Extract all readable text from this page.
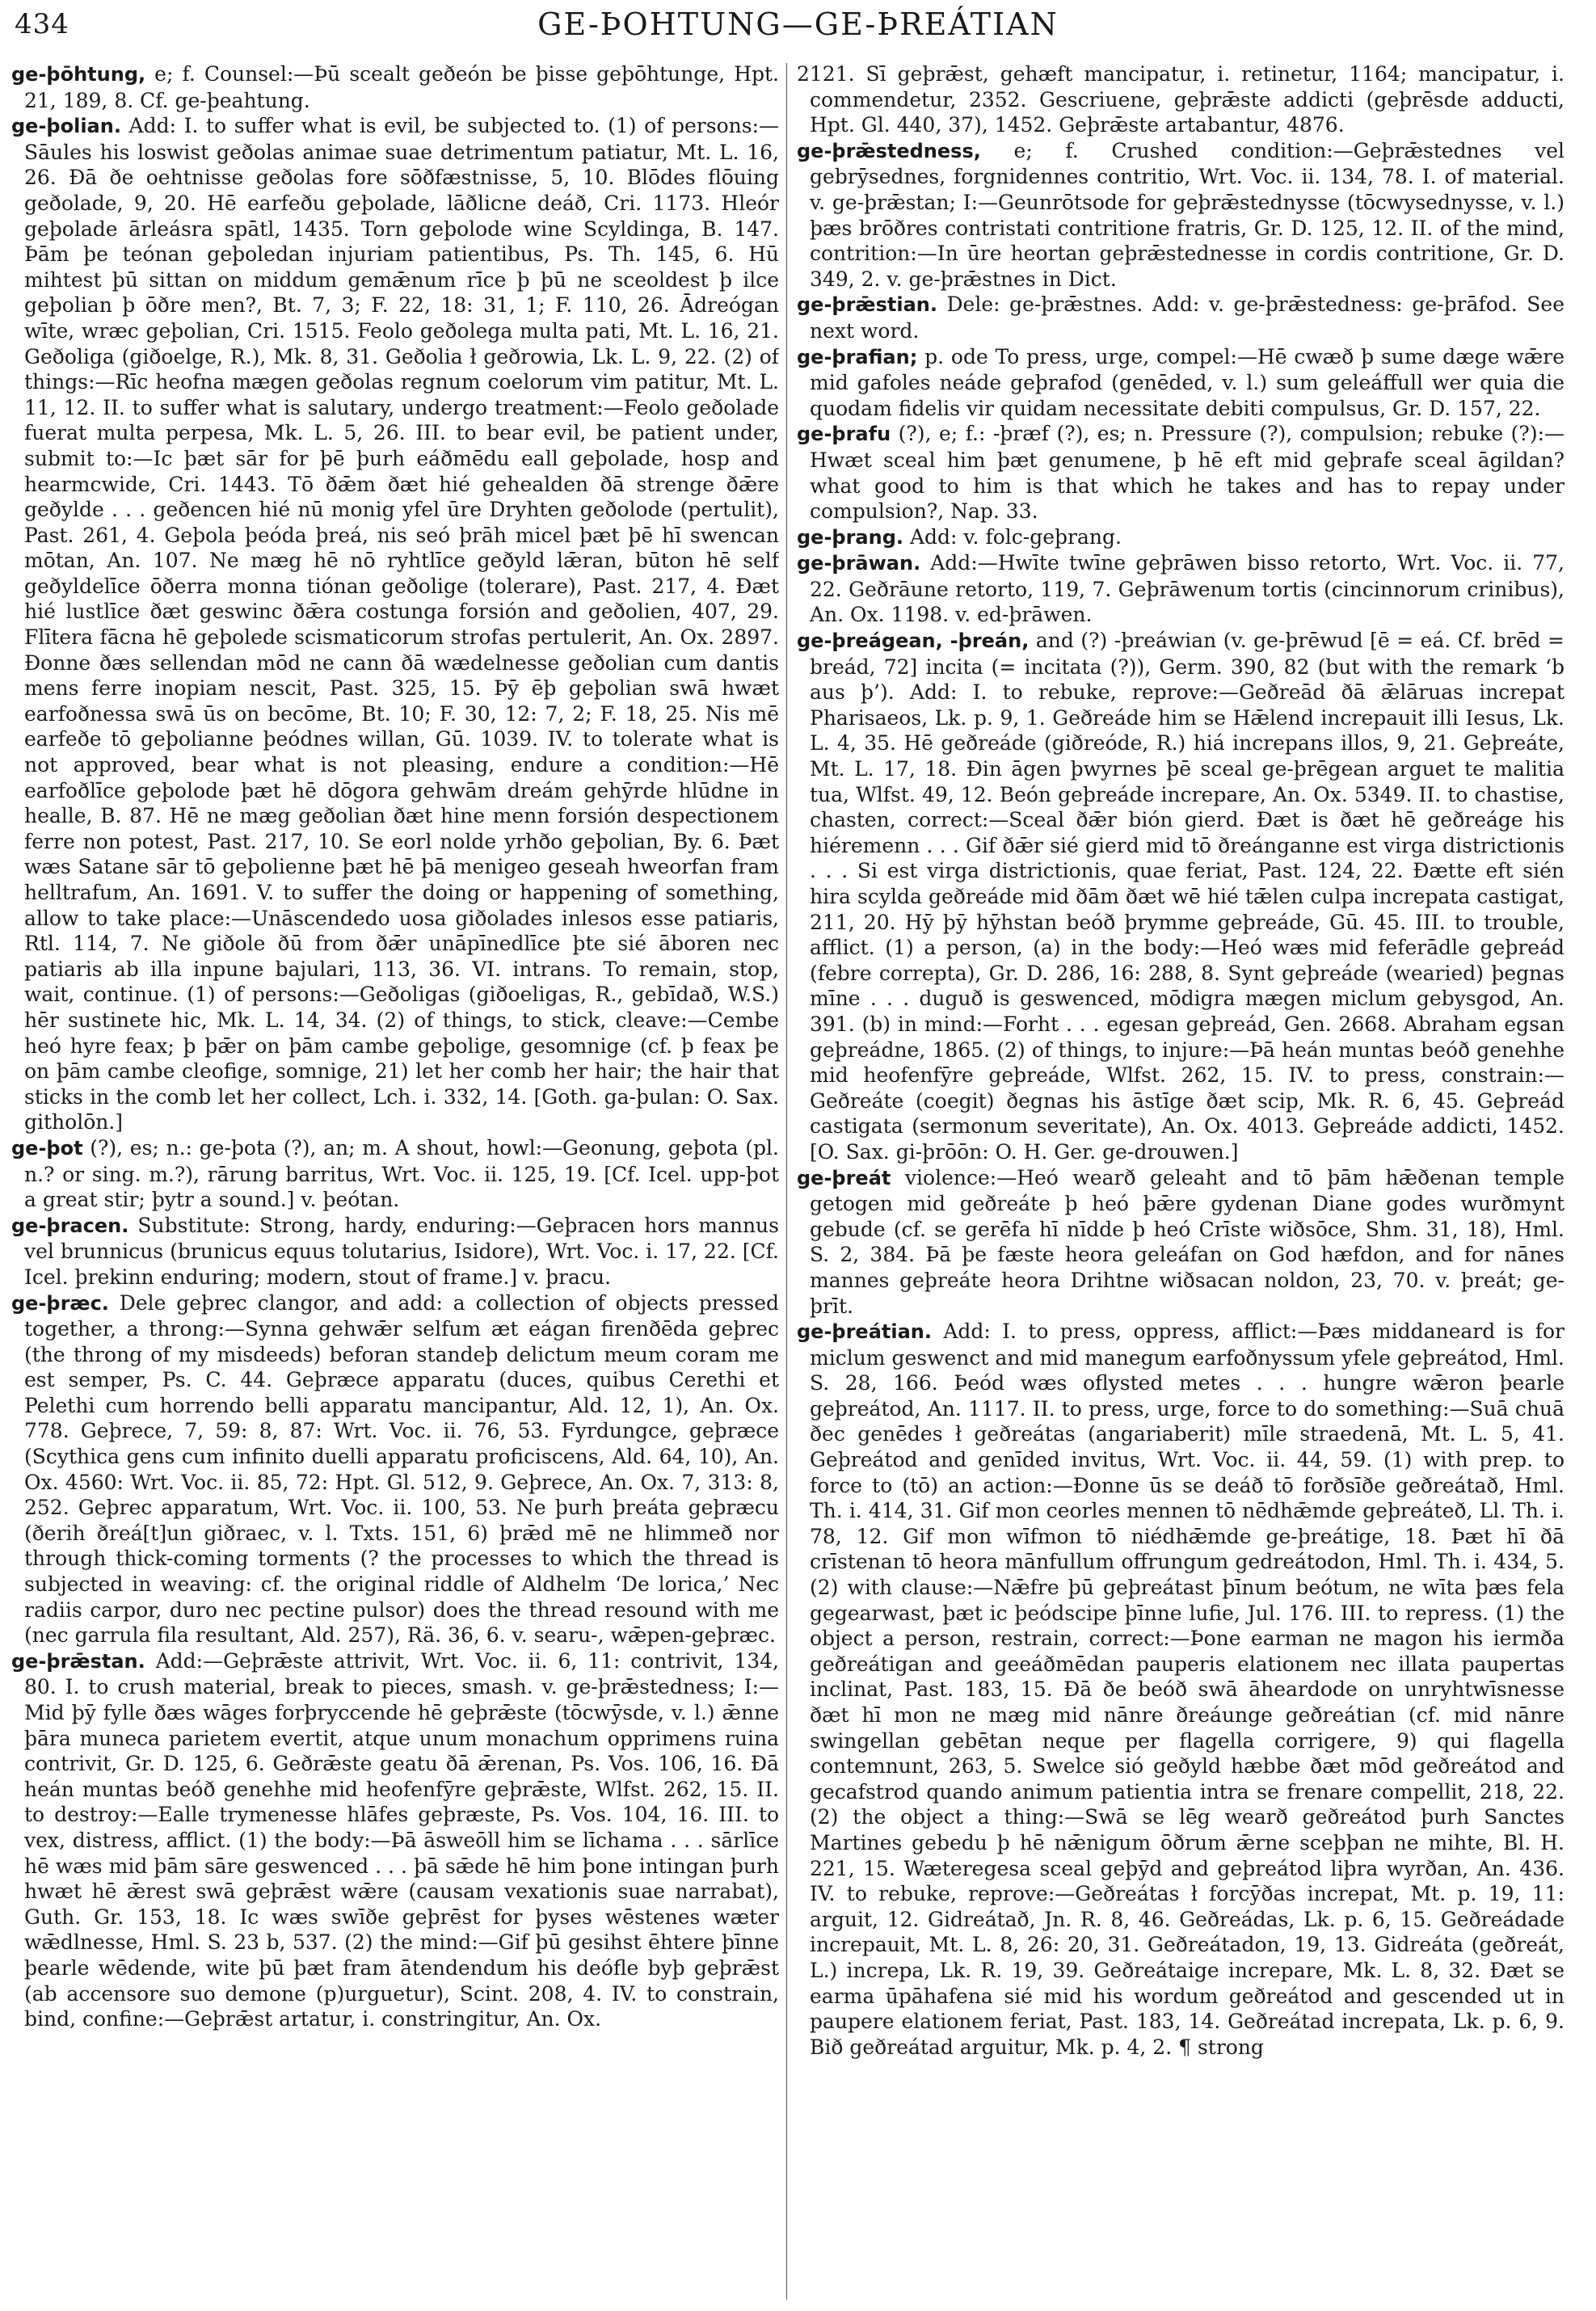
434	GE-ÞOHTUNG—GE-ÞREÁTIAN

ge-þōhtung, e; f. Counsel:—Þū scealt geðeón be þisse geþōhtunge, Hpt. 21, 189, 8. Cf. ge-þeahtung.

ge-þolian. Add: I. to suffer what is evil, be subjected to. (1) of persons:—Sāules his loswist geðolas animae suae detrimentum patiatur, Mt. L. 16, 26. Ðā ðe oehtnisse geðolas fore sōðfæstnisse, 5, 10. Blōdes flōuing geðolade, 9, 20. Hē earfeðu geþolade, lāðlicne deáð, Cri. 1173. Hleór geþolade ārleásra spātl, 1435. Torn geþolode wine Scyldinga, B. 147. Þām þe teónan geþoledan injuriam patientibus, Ps. Th. 145, 6. Hū mihtest þū sittan on middum gemǣnum rīce þ þū ne sceoldest þ ilce geþolian þ ōðre men?, Bt. 7, 3; F. 22, 18: 31, 1; F. 110, 26. Ādreógan wīte, wræc geþolian, Cri. 1515. Feolo geðolega multa pati, Mt. L. 16, 21. Geðoliga (giðoelge, R.), Mk. 8, 31. Geðolia ł geðrowia, Lk. L. 9, 22. (2) of things:—Rīc heofna mægen geðolas regnum coelorum vim patitur, Mt. L. 11, 12. II. to suffer what is salutary, undergo treatment:—Feolo geðolade fuerat multa perpesa, Mk. L. 5, 26. III. to bear evil, be patient under, submit to:—Ic þæt sār for þē þurh eáðmēdu eall geþolade, hosp and hearmcwide, Cri. 1443. Tō ðǣm ðæt hié gehealden ðā strenge ðǣre geðylde . . . geðencen hié nū monig yfel ūre Dryhten geðolode (pertulit), Past. 261, 4. Geþola þeóda þreá, nis seó þrāh micel þæt þē hī swencan mōtan, An. 107. Ne mæg hē nō ryhtlīce geðyld lǣran, būton hē self geðyldelīce ōðerra monna tiónan geðolige (tolerare), Past. 217, 4. Ðæt hié lustlīce ðæt geswinc ðǣra costunga forsión and geðolien, 407, 29. Flītera fācna hē geþolede scismaticorum strofas pertulerit, An. Ox. 2897. Ðonne ðæs sellendan mōd ne cann ðā wædelnesse geðolian cum dantis mens ferre inopiam nescit, Past. 325, 15. Þȳ ēþ geþolian swā hwæt earfoðnessa swā ūs on becōme, Bt. 10; F. 30, 12: 7, 2; F. 18, 25. Nis mē earfeðe tō geþolianne þeódnes willan, Gū. 1039. IV. to tolerate what is not approved, bear what is not pleasing, endure a condition:—Hē earfoðlīce geþolode þæt hē dōgora gehwām dreám gehȳrde hlūdne in healle, B. 87. Hē ne mæg geðolian ðæt hine menn forsión despectionem ferre non potest, Past. 217, 10. Se eorl nolde yrhðo geþolian, By. 6. Þæt wæs Satane sār tō geþolienne þæt hē þā menigeo geseah hweorfan fram helltrafum, An. 1691. V. to suffer the doing or happening of something, allow to take place:—Unāscendedo uosa giðolades inlesos esse patiaris, Rtl. 114, 7. Ne giðole ðū from ðǣr unāpīnedlīce þte sié āboren nec patiaris ab illa inpune bajulari, 113, 36. VI. intrans. To remain, stop, wait, continue. (1) of persons:—Geðoligas (giðoeligas, R., gebīdað, W.S.) hēr sustinete hic, Mk. L. 14, 34. (2) of things, to stick, cleave:—Cembe heó hyre feax; þ þǣr on þām cambe geþolige, gesomnige (cf. þ feax þe on þām cambe cleofige, somnige, 21) let her comb her hair; the hair that sticks in the comb let her collect, Lch. i. 332, 14. [Goth. ga-þulan: O. Sax. githolōn.]

ge-þot (?), es; n.: ge-þota (?), an; m. A shout, howl:—Geonung, geþota (pl. n.? or sing. m.?), rārung barritus, Wrt. Voc. ii. 125, 19. [Cf. Icel. upp-þot a great stir; þytr a sound.] v. þeótan.

ge-þracen. Substitute: Strong, hardy, enduring:—Geþracen hors mannus vel brunnicus (brunicus equus tolutarius, Isidore), Wrt. Voc. i. 17, 22. [Cf. Icel. þrekinn enduring; modern, stout of frame.] v. þracu.

ge-þræc. Dele geþrec clangor, and add: a collection of objects pressed together, a throng:—Synna gehwǣr selfum æt eágan firenðēda geþrec (the throng of my misdeeds) beforan standeþ delictum meum coram me est semper, Ps. C. 44. Geþræce apparatu (duces, quibus Cerethi et Pelethi cum horrendo belli apparatu mancipantur, Ald. 12, 1), An. Ox. 778. Geþrece, 7, 59: 8, 87: Wrt. Voc. ii. 76, 53. Fyrdungce, geþræce (Scythica gens cum infinito duelli apparatu proficiscens, Ald. 64, 10), An. Ox. 4560: Wrt. Voc. ii. 85, 72: Hpt. Gl. 512, 9. Geþrece, An. Ox. 7, 313: 8, 252. Geþrec apparatum, Wrt. Voc. ii. 100, 53. Ne þurh þreáta geþræcu (ðerih ðreá[t]un giðraec, v. l. Txts. 151, 6) þrǣd mē ne hlimmeð nor through thick-coming torments (? the processes to which the thread is subjected in weaving: cf. the original riddle of Aldhelm ‘De lorica,’ Nec radiis carpor, duro nec pectine pulsor) does the thread resound with me (nec garrula fila resultant, Ald. 257), Rä. 36, 6. v. searu-, wǣpen-geþræc.

ge-þrǣstan. Add:—Geþrǣste attrivit, Wrt. Voc. ii. 6, 11: contrivit, 134, 80. I. to crush material, break to pieces, smash. v. ge-þrǣstedness; I:—Mid þȳ fylle ðæs wāges forþryccende hē geþrǣste (tōcwȳsde, v. l.) ǣnne þāra muneca parietem evertit, atque unum monachum opprimens ruina contrivit, Gr. D. 125, 6. Geðrǣste geatu ðā ǣrenan, Ps. Vos. 106, 16. Ðā heán muntas beóð genehhe mid heofenfȳre geþrǣste, Wlfst. 262, 15. II. to destroy:—Ealle trymenesse hlāfes geþræste, Ps. Vos. 104, 16. III. to vex, distress, afflict. (1) the body:—Þā āsweōll him se līchama . . . sārlīce hē wæs mid þām sāre geswenced . . . þā sǣde hē him þone intingan þurh hwæt hē ǣrest swā geþrǣst wǣre (causam vexationis suae narrabat), Guth. Gr. 153, 18. Ic wæs swīðe geþrēst for þyses wēstenes wæter wǣdlnesse, Hml. S. 23 b, 537. (2) the mind:—Gif þū gesihst ēhtere þīnne þearle wēdende, wite þū þæt fram ātendendum his deófle byþ geþrǣst (ab accensore suo demone (p)urguetur), Scint. 208, 4. IV. to constrain, bind, confine:—Geþrǣst artatur, i. constringitur, An. Ox.

2121. Sī geþrǣst, gehæft mancipatur, i. retinetur, 1164; mancipatur, i. commendetur, 2352. Gescriuene, geþrǣste addicti (geþrēsde adducti, Hpt. Gl. 440, 37), 1452. Geþrǣste artabantur, 4876.

ge-þrǣstedness, e; f. Crushed condition:—Geþrǣstednes vel gebrȳsednes, forgnidennes contritio, Wrt. Voc. ii. 134, 78. I. of material. v. ge-þrǣstan; I:—Geunrōtsode for geþrǣstednysse (tōcwysednysse, v. l.) þæs brōðres contristati contritione fratris, Gr. D. 125, 12. II. of the mind, contrition:—In ūre heortan geþrǣstednesse in cordis contritione, Gr. D. 349, 2. v. ge-þrǣstnes in Dict.

ge-þrǣstian. Dele: ge-þrǣstnes. Add: v. ge-þrǣstedness: ge-þrāfod. See next word.

ge-þrafian; p. ode To press, urge, compel:—Hē cwæð þ sume dæge wǣre mid gafoles neáde geþrafod (genēded, v. l.) sum geleáffull wer quia die quodam fidelis vir quidam necessitate debiti compulsus, Gr. D. 157, 22.

ge-þrafu (?), e; f.: -þræf (?), es; n. Pressure (?), compulsion; rebuke (?):—Hwæt sceal him þæt genumene, þ hē eft mid geþrafe sceal āgildan? what good to him is that which he takes and has to repay under compulsion?, Nap. 33.

ge-þrang. Add: v. folc-geþrang.

ge-þrāwan. Add:—Hwīte twīne geþrāwen bisso retorto, Wrt. Voc. ii. 77, 22. Geðrāune retorto, 119, 7. Geþrāwenum tortis (cincinnorum crinibus), An. Ox. 1198. v. ed-þrāwen.

ge-þreágean, -þreán, and (?) -þreáwian (v. ge-þrēwud [ē = eá. Cf. brēd = breád, 72] incita (= incitata (?)), Germ. 390, 82 (but with the remark ‘b aus þ’). Add: I. to rebuke, reprove:—Geðreād ðā ǣlāruas increpat Pharisaeos, Lk. p. 9, 1. Geðreáde him se Hǣlend increpauit illi Iesus, Lk. L. 4, 35. Hē geðreáde (giðreóde, R.) hiá increpans illos, 9, 21. Geþreáte, Mt. L. 17, 18. Ðin āgen þwyrnes þē sceal ge-þrēgean arguet te malitia tua, Wlfst. 49, 12. Beón geþreáde increpare, An. Ox. 5349. II. to chastise, chasten, correct:—Sceal ðǣr bión gierd. Ðæt is ðæt hē geðreáge his hiéremenn . . . Gif ðǣr sié gierd mid tō ðreánganne est virga districtionis . . . Si est virga districtionis, quae feriat, Past. 124, 22. Ðætte eft sién hira scylda geðreáde mid ðām ðæt wē hié tǣlen culpa increpata castigat, 211, 20. Hȳ þȳ hȳhstan beóð þrymme geþreáde, Gū. 45. III. to trouble, afflict. (1) a person, (a) in the body:—Heó wæs mid feferādle geþreád (febre correpta), Gr. D. 286, 16: 288, 8. Synt geþreáde (wearied) þegnas mīne . . . duguð is geswenced, mōdigra mægen miclum gebysgod, An. 391. (b) in mind:—Forht . . . egesan geþreád, Gen. 2668. Abraham egsan geþreádne, 1865. (2) of things, to injure:—Þā heán muntas beóð genehhe mid heofenfȳre geþreáde, Wlfst. 262, 15. IV. to press, constrain:—Geðreáte (coegit) ðegnas his āstīge ðæt scip, Mk. R. 6, 45. Geþreád castigata (sermonum severitate), An. Ox. 4013. Geþreáde addicti, 1452. [O. Sax. gi-þrōōn: O. H. Ger. ge-drouwen.]

ge-þreát violence:—Heó wearð geleaht and tō þām hǣðenan temple getogen mid geðreáte þ heó þǣre gydenan Diane godes wurðmynt gebude (cf. se gerēfa hī nīdde þ heó Crīste wiðsōce, Shm. 31, 18), Hml. S. 2, 384. Þā þe fæste heora geleáfan on God hæfdon, and for nānes mannes geþreáte heora Drihtne wiðsacan noldon, 23, 70. v. þreát; ge-þrīt.

ge-þreátian. Add: I. to press, oppress, afflict:—Þæs middaneard is for miclum geswenct and mid manegum earfoðnyssum yfele geþreátod, Hml. S. 28, 166. Þeód wæs oflysted metes . . . hungre wǣron þearle geþreátod, An. 1117. II. to press, urge, force to do something:—Suā chuā ðec genēdes ł geðreátas (angariaberit) mīle straedenā, Mt. L. 5, 41. Geþreátod and genīded invitus, Wrt. Voc. ii. 44, 59. (1) with prep. to force to (tō) an action:—Ðonne ūs se deáð tō forðsīðe geðreátað, Hml. Th. i. 414, 31. Gif mon ceorles mennen tō nēdhǣmde geþreáteð, Ll. Th. i. 78, 12. Gif mon wīfmon tō niédhǣmde ge-þreátige, 18. Þæt hī ðā crīstenan tō heora mānfullum offrungum gedreátodon, Hml. Th. i. 434, 5. (2) with clause:—Nǣfre þū geþreátast þīnum beótum, ne wīta þæs fela gegearwast, þæt ic þeódscipe þīnne lufie, Jul. 176. III. to repress. (1) the object a person, restrain, correct:—Þone earman ne magon his iermða geðreátigan and geeáðmēdan pauperis elationem nec illata paupertas inclinat, Past. 183, 15. Ðā ðe beóð swā āheardode on unryhtwīsnesse ðæt hī mon ne mæg mid nānre ðreáunge geðreátian (cf. mid nānre swingellan gebētan neque per flagella corrigere, 9) qui flagella contemnunt, 263, 5. Swelce sió geðyld hæbbe ðæt mōd geðreátod and gecafstrod quando animum patientia intra se frenare compellit, 218, 22. (2) the object a thing:—Swā se lēg wearð geðreátod þurh Sanctes Martines gebedu þ hē nǣnigum ōðrum ǣrne sceþþan ne mihte, Bl. H. 221, 15. Wæteregesa sceal geþȳd and geþreátod liþra wyrðan, An. 436. IV. to rebuke, reprove:—Geðreátas ł forcȳðas increpat, Mt. p. 19, 11: arguit, 12. Gidreátað, Jn. R. 8, 46. Geðreádas, Lk. p. 6, 15. Geðreádade increpauit, Mt. L. 8, 26: 20, 31. Geðreátadon, 19, 13. Gidreáta (geðreát, L.) increpa, Lk. R. 19, 39. Geðreátaige increpare, Mk. L. 8, 32. Ðæt se earma ūpāhafena sié mid his wordum geðreátod and gescended ut in paupere elationem feriat, Past. 183, 14. Geðreátad increpata, Lk. p. 6, 9. Bið geðreátad arguitur, Mk. p. 4, 2. ¶ strong
